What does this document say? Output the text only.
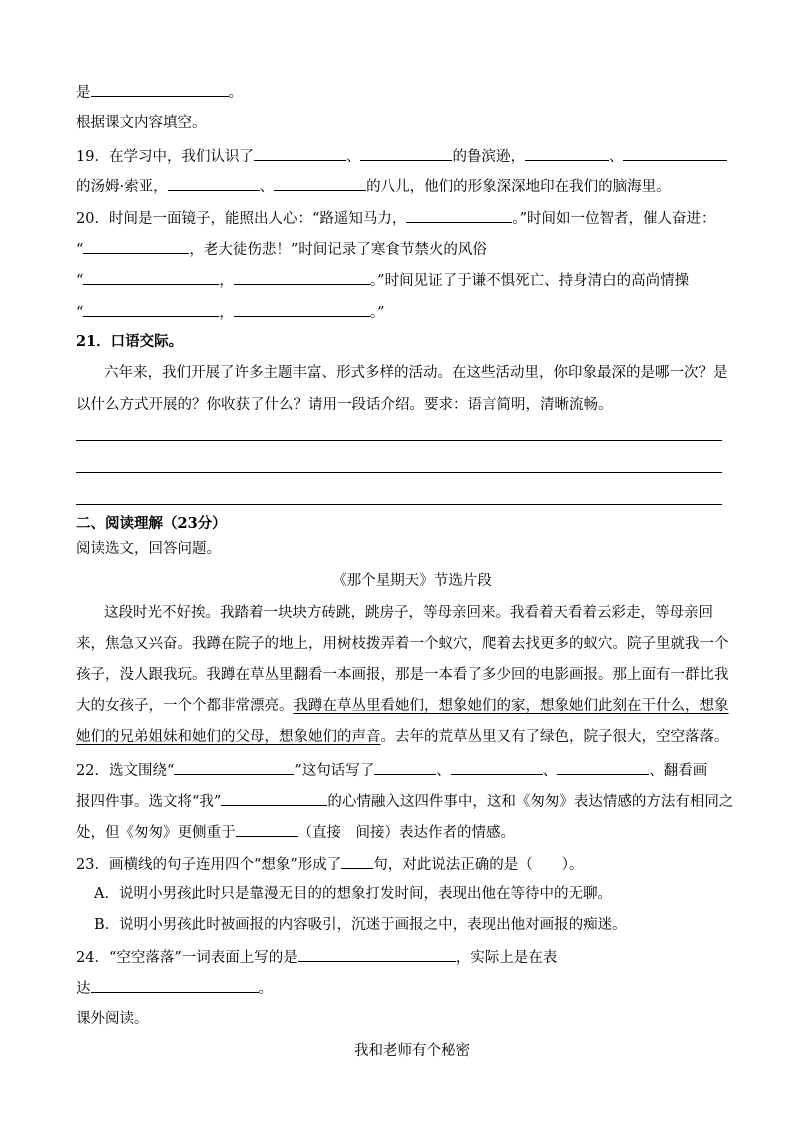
是	。
根据课文内容填空。
19．在学习中，我们认识了	、	的鲁滨逊，	、
的汤姆·索亚，	、	的八儿，他们的形象深深地印在我们的脑海里。
20．时间是一面镜子，能照出人心：“路遥知马力，	。”时间如一位智者，催人奋进：
“	，老大徒伤悲！”时间记录了寒食节禁火的风俗
“	，	。”时间见证了于谦不惧死亡、持身清白的高尚情操
“	，	。”
21．口语交际。
六年来，我们开展了许多主题丰富、形式多样的活动。在这些活动里，你印象最深的是哪一次？是
以什么方式开展的？你收获了什么？请用一段话介绍。要求：语言简明，清晰流畅。
二、阅读理解（23分）
阅读选文，回答问题。
《那个星期天》节选片段
这段时光不好挨。我踏着一块块方砖跳，跳房子，等母亲回来。我看着天看着云彩走，等母亲回
来，焦急又兴奋。我蹲在院子的地上，用树枝拨弄着一个蚁穴，爬着去找更多的蚁穴。院子里就我一个
孩子，没人跟我玩。我蹲在草丛里翻看一本画报，那是一本看了多少回的电影画报。那上面有一群比我
大的女孩子，一个个都非常漂亮。我蹲在草丛里看她们，想象她们的家，想象她们此刻在干什么，想象
她们的兄弟姐妹和她们的父母，想象她们的声音。去年的荒草丛里又有了绿色，院子很大，空空落落。
22．选文围绕“	”这句话写了	、	、	、翻看画
报四件事。选文将“我”	的心情融入这四件事中，这和《匆匆》表达情感的方法有相同之
处，但《匆匆》更侧重于	（直接　间接）表达作者的情感。
23．画横线的句子连用四个“想象”形成了 句，对此说法正确的是（　　）。
A．说明小男孩此时只是靠漫无目的的想象打发时间，表现出他在等待中的无聊。
B．说明小男孩此时被画报的内容吸引，沉迷于画报之中，表现出他对画报的痴迷。
24．“空空落落”一词表面上写的是	，实际上是在表
达	。
课外阅读。
我和老师有个秘密
